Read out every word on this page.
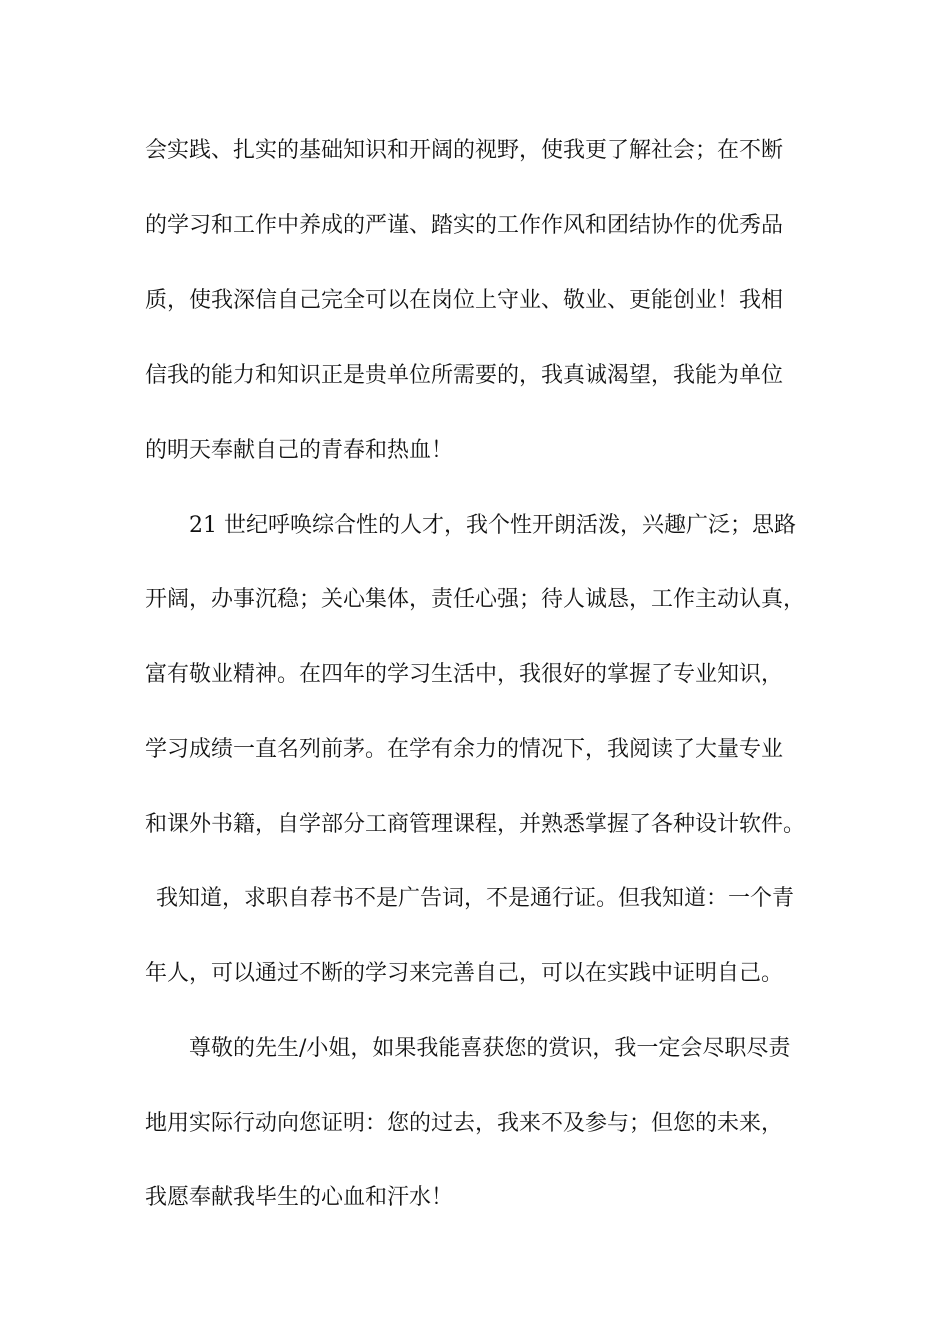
会实践、扎实的基础知识和开阔的视野，使我更了解社会；在不断
的学习和工作中养成的严谨、踏实的工作作风和团结协作的优秀品
质，使我深信自己完全可以在岗位上守业、敬业、更能创业！我相
信我的能力和知识正是贵单位所需要的，我真诚渴望，我能为单位
的明天奉献自己的青春和热血！
21 世纪呼唤综合性的人才，我个性开朗活泼，兴趣广泛；思路
开阔，办事沉稳；关心集体，责任心强；待人诚恳，工作主动认真，
富有敬业精神。在四年的学习生活中，我很好的掌握了专业知识，
学习成绩一直名列前茅。在学有余力的情况下，我阅读了大量专业
和课外书籍，自学部分工商管理课程，并熟悉掌握了各种设计软件。
我知道，求职自荐书不是广告词，不是通行证。但我知道：一个青
年人，可以通过不断的学习来完善自己，可以在实践中证明自己。
尊敬的先生/小姐，如果我能喜获您的赏识，我一定会尽职尽责
地用实际行动向您证明：您的过去，我来不及参与；但您的未来，
我愿奉献我毕生的心血和汗水！
